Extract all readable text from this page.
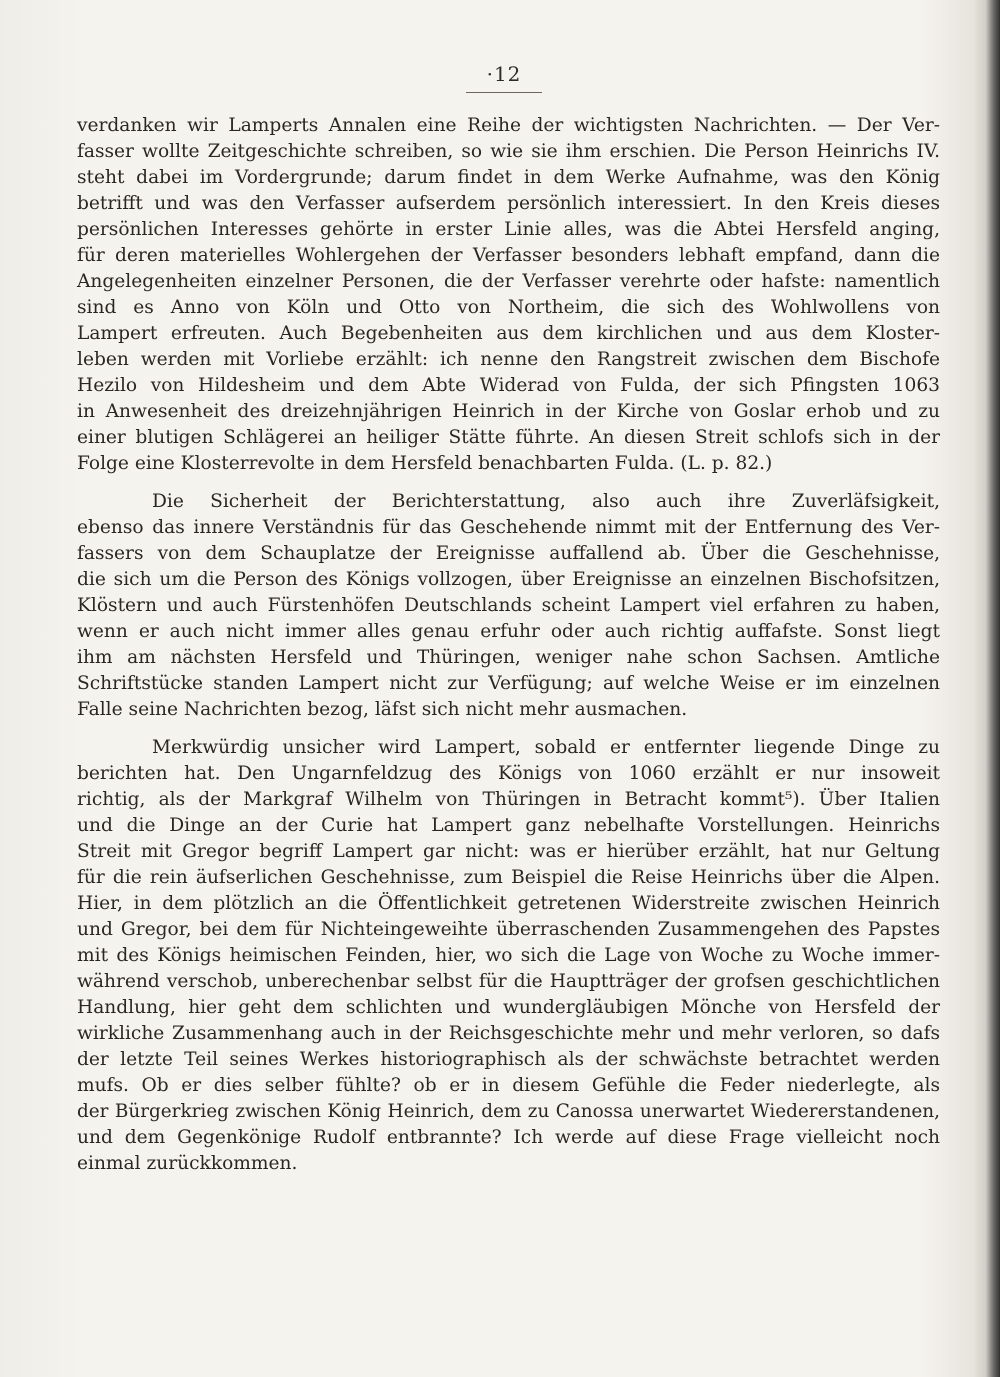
·12
verdanken wir Lamperts Annalen eine Reihe der wichtigsten Nachrichten. — Der Ver-
fasser wollte Zeitgeschichte schreiben, so wie sie ihm erschien. Die Person Heinrichs IV.
steht dabei im Vordergrunde; darum findet in dem Werke Aufnahme, was den König
betrifft und was den Verfasser aufserdem persönlich interessiert. In den Kreis dieses
persönlichen Interesses gehörte in erster Linie alles, was die Abtei Hersfeld anging,
für deren materielles Wohlergehen der Verfasser besonders lebhaft empfand, dann die
Angelegenheiten einzelner Personen, die der Verfasser verehrte oder hafste: namentlich
sind es Anno von Köln und Otto von Northeim, die sich des Wohlwollens von
Lampert erfreuten. Auch Begebenheiten aus dem kirchlichen und aus dem Kloster-
leben werden mit Vorliebe erzählt: ich nenne den Rangstreit zwischen dem Bischofe
Hezilo von Hildesheim und dem Abte Widerad von Fulda, der sich Pfingsten 1063
in Anwesenheit des dreizehnjährigen Heinrich in der Kirche von Goslar erhob und zu
einer blutigen Schlägerei an heiliger Stätte führte. An diesen Streit schlofs sich in der
Folge eine Klosterrevolte in dem Hersfeld benachbarten Fulda. (L. p. 82.)
Die Sicherheit der Berichterstattung, also auch ihre Zuverläfsigkeit,
ebenso das innere Verständnis für das Geschehende nimmt mit der Entfernung des Ver-
fassers von dem Schauplatze der Ereignisse auffallend ab. Über die Geschehnisse,
die sich um die Person des Königs vollzogen, über Ereignisse an einzelnen Bischofsitzen,
Klöstern und auch Fürstenhöfen Deutschlands scheint Lampert viel erfahren zu haben,
wenn er auch nicht immer alles genau erfuhr oder auch richtig auffafste. Sonst liegt
ihm am nächsten Hersfeld und Thüringen, weniger nahe schon Sachsen. Amtliche
Schriftstücke standen Lampert nicht zur Verfügung; auf welche Weise er im einzelnen
Falle seine Nachrichten bezog, läfst sich nicht mehr ausmachen.
Merkwürdig unsicher wird Lampert, sobald er entfernter liegende Dinge zu
berichten hat. Den Ungarnfeldzug des Königs von 1060 erzählt er nur insoweit
richtig, als der Markgraf Wilhelm von Thüringen in Betracht kommt⁵). Über Italien
und die Dinge an der Curie hat Lampert ganz nebelhafte Vorstellungen. Heinrichs
Streit mit Gregor begriff Lampert gar nicht: was er hierüber erzählt, hat nur Geltung
für die rein äufserlichen Geschehnisse, zum Beispiel die Reise Heinrichs über die Alpen.
Hier, in dem plötzlich an die Öffentlichkeit getretenen Widerstreite zwischen Heinrich
und Gregor, bei dem für Nichteingeweihte überraschenden Zusammengehen des Papstes
mit des Königs heimischen Feinden, hier, wo sich die Lage von Woche zu Woche immer-
während verschob, unberechenbar selbst für die Hauptträger der grofsen geschichtlichen
Handlung, hier geht dem schlichten und wundergläubigen Mönche von Hersfeld der
wirkliche Zusammenhang auch in der Reichsgeschichte mehr und mehr verloren, so dafs
der letzte Teil seines Werkes historiographisch als der schwächste betrachtet werden
mufs. Ob er dies selber fühlte? ob er in diesem Gefühle die Feder niederlegte, als
der Bürgerkrieg zwischen König Heinrich, dem zu Canossa unerwartet Wiedererstandenen,
und dem Gegenkönige Rudolf entbrannte? Ich werde auf diese Frage vielleicht noch
einmal zurückkommen.
